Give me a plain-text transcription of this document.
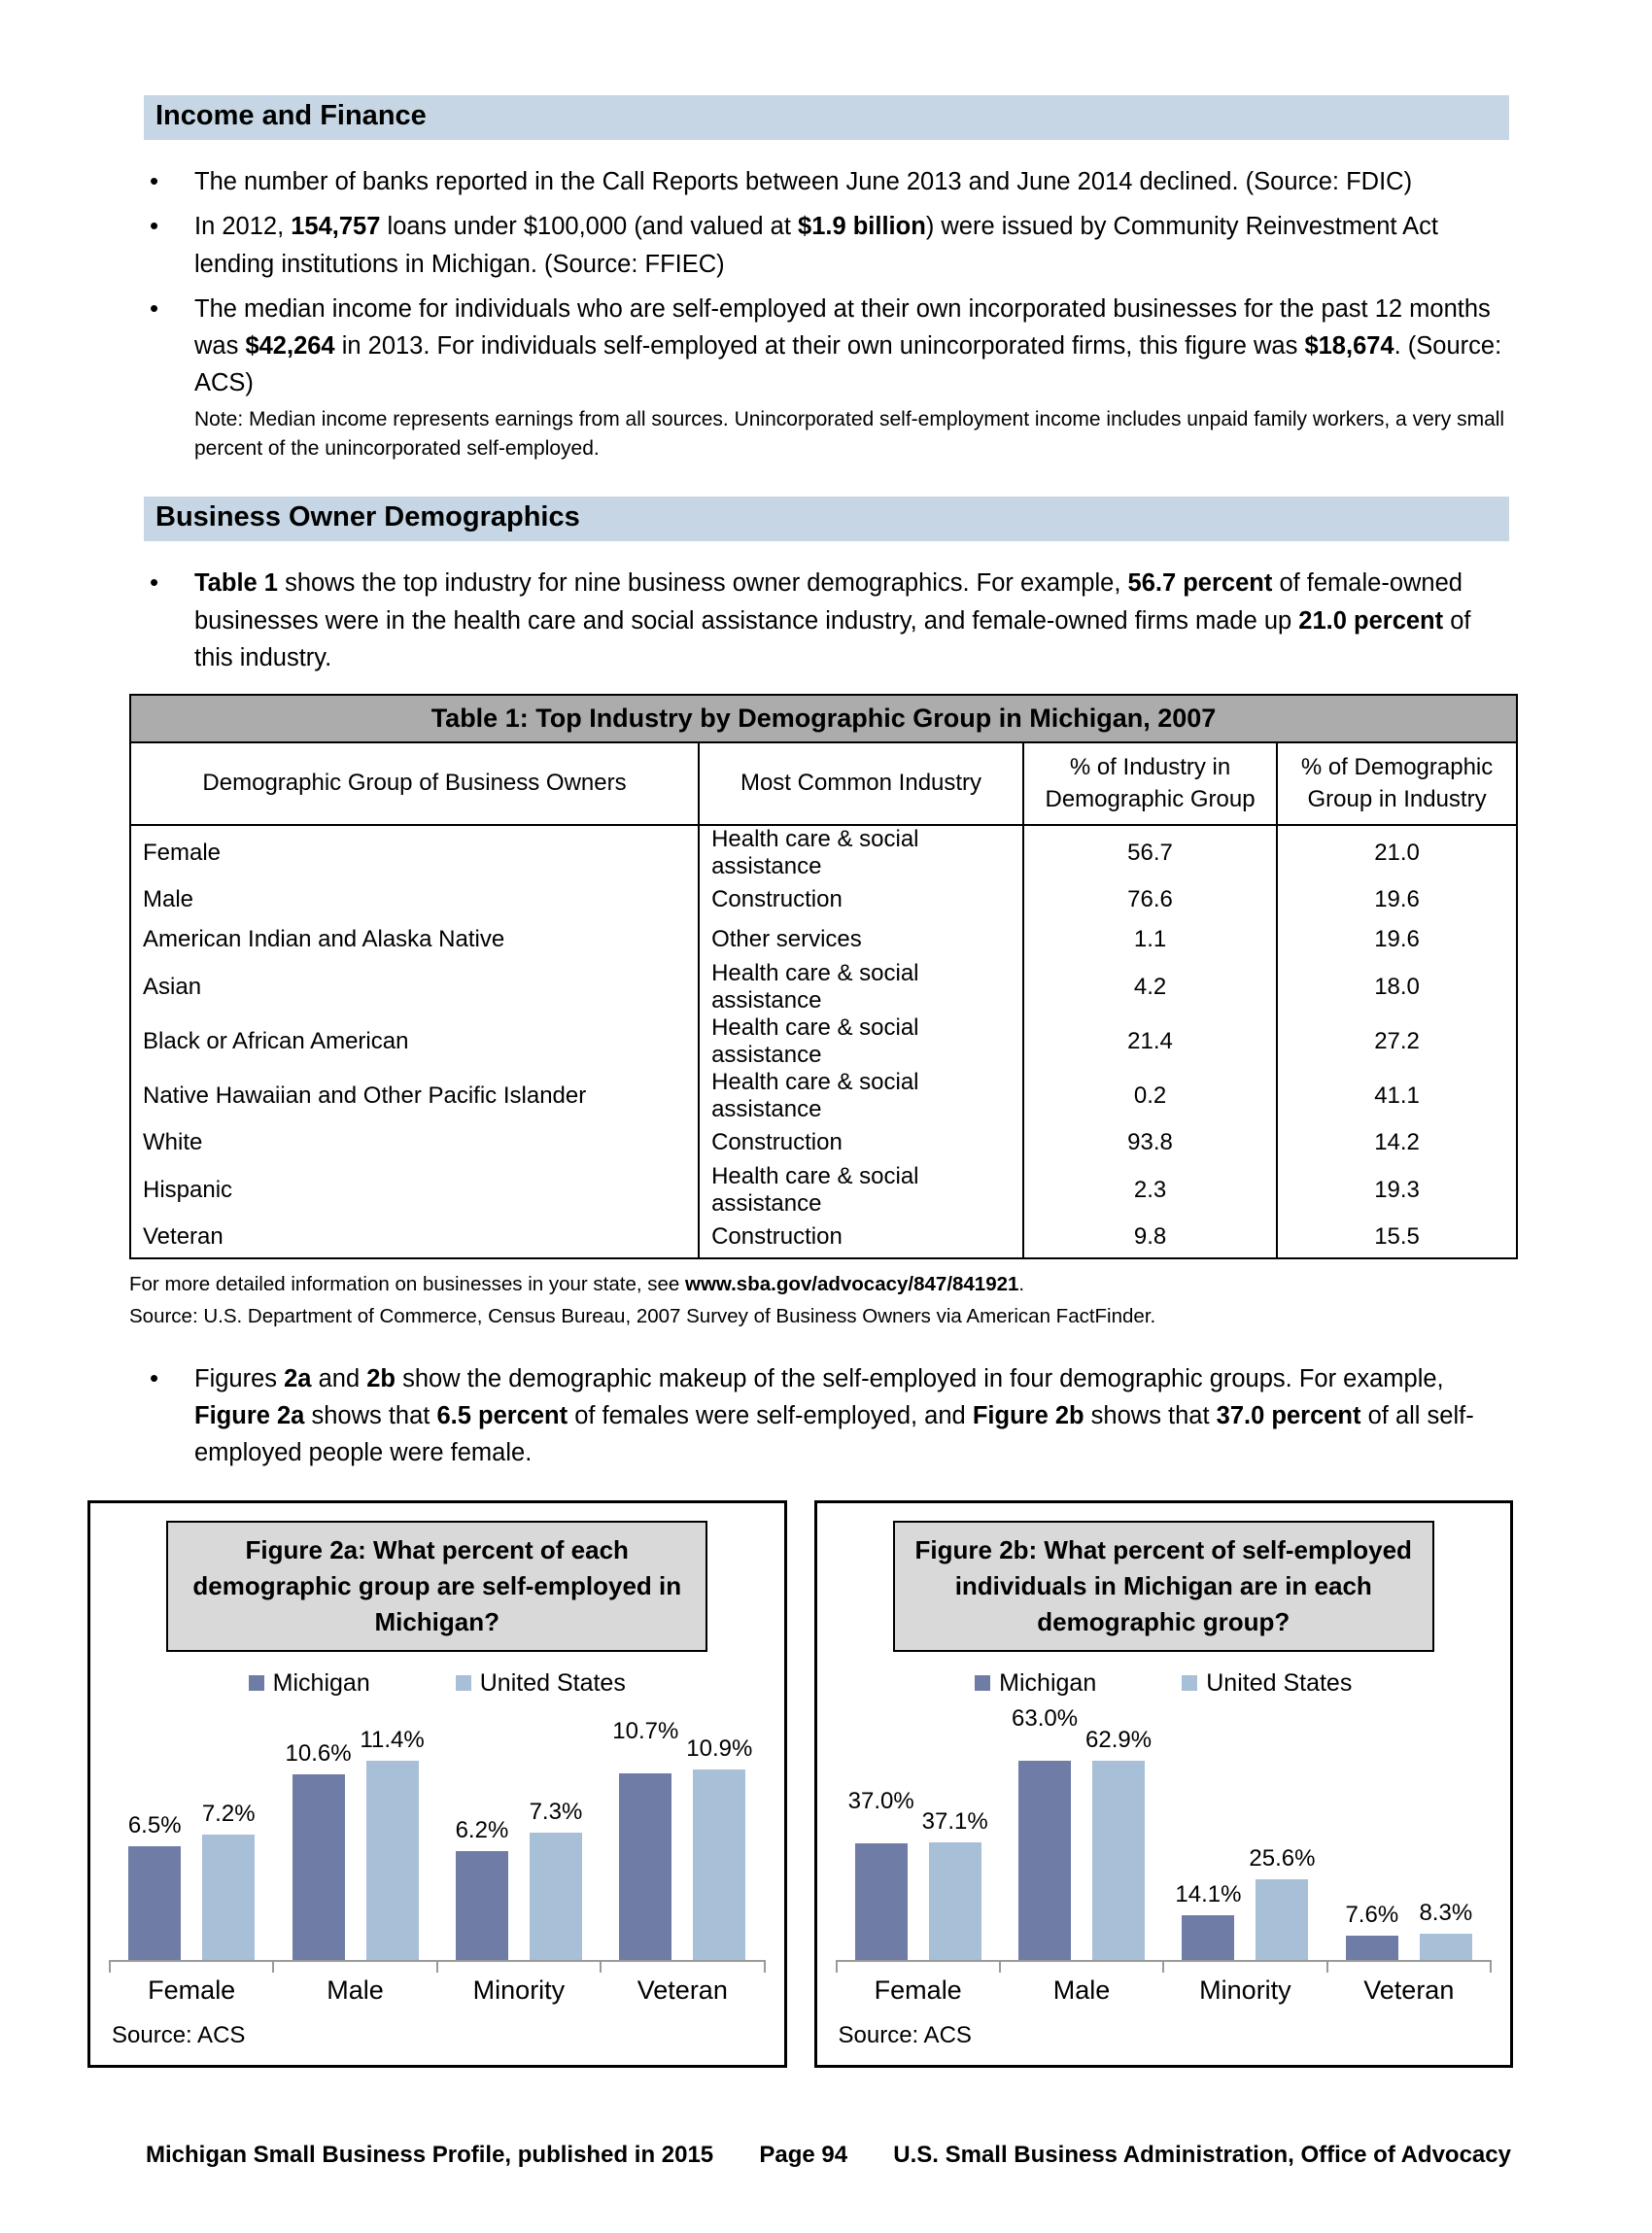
Income and Finance
• The number of banks reported in the Call Reports between June 2013 and June 2014 declined. (Source: FDIC)
• In 2012, 154,757 loans under $100,000 (and valued at $1.9 billion) were issued by Community Reinvestment Act lending institutions in Michigan. (Source: FFIEC)
• The median income for individuals who are self-employed at their own incorporated businesses for the past 12 months was $42,264 in 2013. For individuals self-employed at their own unincorporated firms, this figure was $18,674. (Source: ACS)
Note: Median income represents earnings from all sources. Unincorporated self-employment income includes unpaid family workers, a very small percent of the unincorporated self-employed.
Business Owner Demographics
• Table 1 shows the top industry for nine business owner demographics. For example, 56.7 percent of female-owned businesses were in the health care and social assistance industry, and female-owned firms made up 21.0 percent of this industry.
Table 1: Top Industry by Demographic Group in Michigan, 2007			
Demographic Group of Business Owners	Most Common Industry	% of Industry in Demographic Group	% of Demographic Group in Industry
Female	Health care & social assistance	56.7	21.0
Male	Construction	76.6	19.6
American Indian and Alaska Native	Other services	1.1	19.6
Asian	Health care & social assistance	4.2	18.0
Black or African American	Health care & social assistance	21.4	27.2
Native Hawaiian and Other Pacific Islander	Health care & social assistance	0.2	41.1
White	Construction	93.8	14.2
Hispanic	Health care & social assistance	2.3	19.3
Veteran	Construction	9.8	15.5
For more detailed information on businesses in your state, see www.sba.gov/advocacy/847/841921.
Source: U.S. Department of Commerce, Census Bureau, 2007 Survey of Business Owners via American FactFinder.
• Figures 2a and 2b show the demographic makeup of the self-employed in four demographic groups. For example, Figure 2a shows that 6.5 percent of females were self-employed, and Figure 2b shows that 37.0 percent of all self-employed people were female.
Figure 2a: What percent of each demographic group are self-employed in Michigan?
Michigan	United States
6.5% 7.2%
10.6%
11.4%
6.2%
7.3%
10.7%
10.9%
Female	Male	Minority	Veteran
Source: ACS
Figure 2b: What percent of self-employed individuals in Michigan are in each demographic group?
Michigan	United States
37.0%
37.1%
63.0%
62.9%
14.1%
25.6%
7.6% 8.3%
Female	Male	Minority	Veteran
Source: ACS
Michigan Small Business Profile, published in 2015 Page 94 U.S. Small Business Administration, Office of Advocacy
